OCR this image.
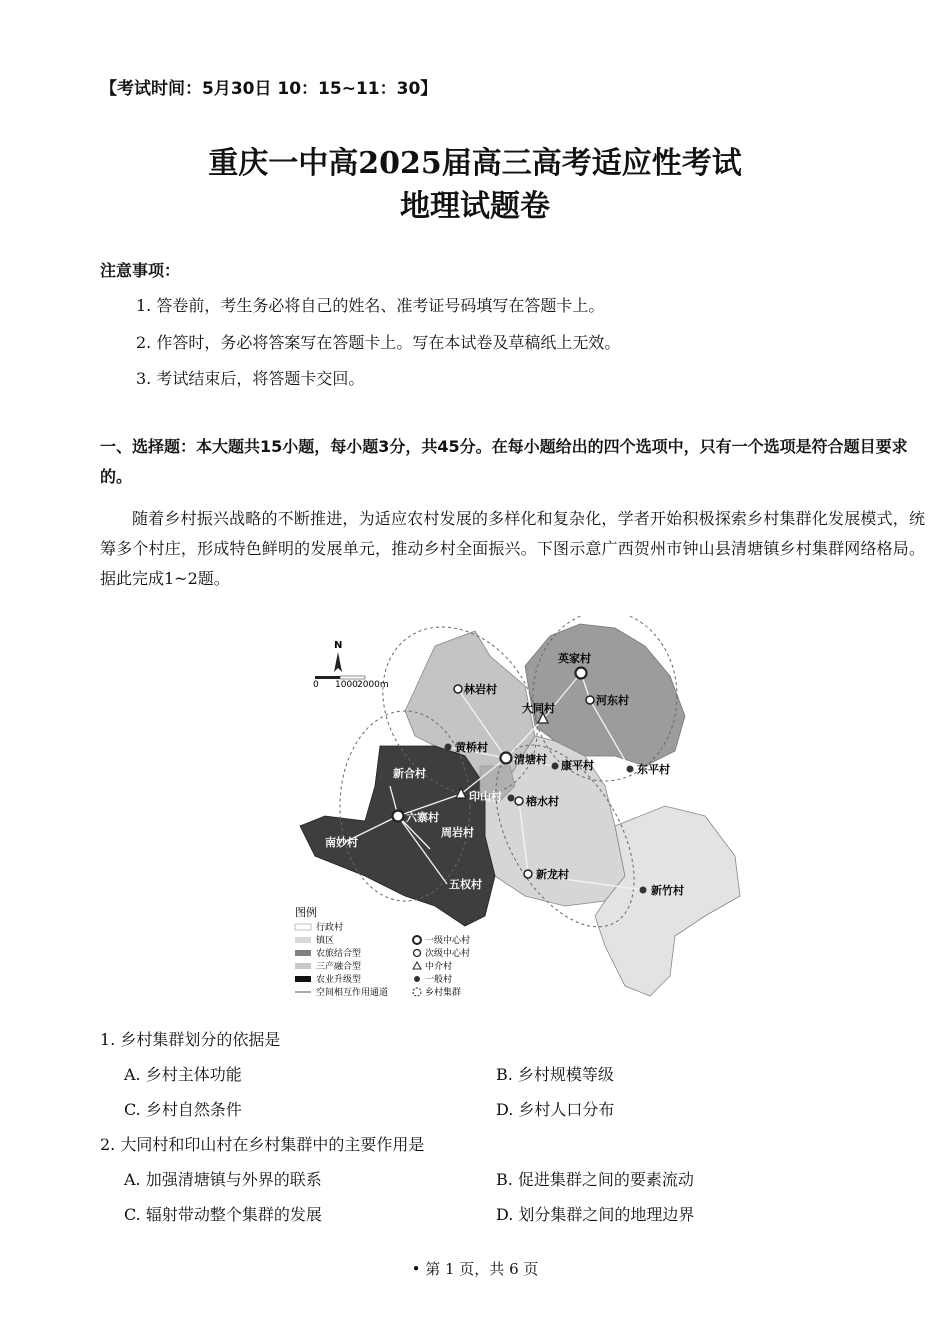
【考试时间：5月30日 10：15~11：30】
重庆一中高2025届高三高考适应性考试
地理试题卷
注意事项：
1. 答卷前，考生务必将自己的姓名、准考证号码填写在答题卡上。
2. 作答时，务必将答案写在答题卡上。写在本试卷及草稿纸上无效。
3. 考试结束后，将答题卡交回。
一、选择题：本大题共15小题，每小题3分，共45分。在每小题给出的四个选项中，只有一个选项是符合题目要求的。
随着乡村振兴战略的不断推进，为适应农村发展的多样化和复杂化，学者开始积极探索乡村集群化发展模式，统筹多个村庄，形成特色鲜明的发展单元，推动乡村全面振兴。下图示意广西贺州市钟山县清塘镇乡村集群网络格局。据此完成1~2题。
英家村
林岩村
河东村
大同村
黄桥村
清塘村 康平村	东平村
新合村
印山村 榕水村
六寨村
周岩村
南妙村
五权村
新龙村
新竹村
N
0 1000 2000m
图例
行政村
镇区
农旅结合型
三产融合型
农业升级型
空间相互作用通道
一级中心村
次级中心村
中介村
一般村
乡村集群
1. 乡村集群划分的依据是
A. 乡村主体功能	B. 乡村规模等级
C. 乡村自然条件	D. 乡村人口分布
2. 大同村和印山村在乡村集群中的主要作用是
A. 加强清塘镇与外界的联系	B. 促进集群之间的要素流动
C. 辐射带动整个集群的发展	D. 划分集群之间的地理边界
• 第 1 页，共 6 页
